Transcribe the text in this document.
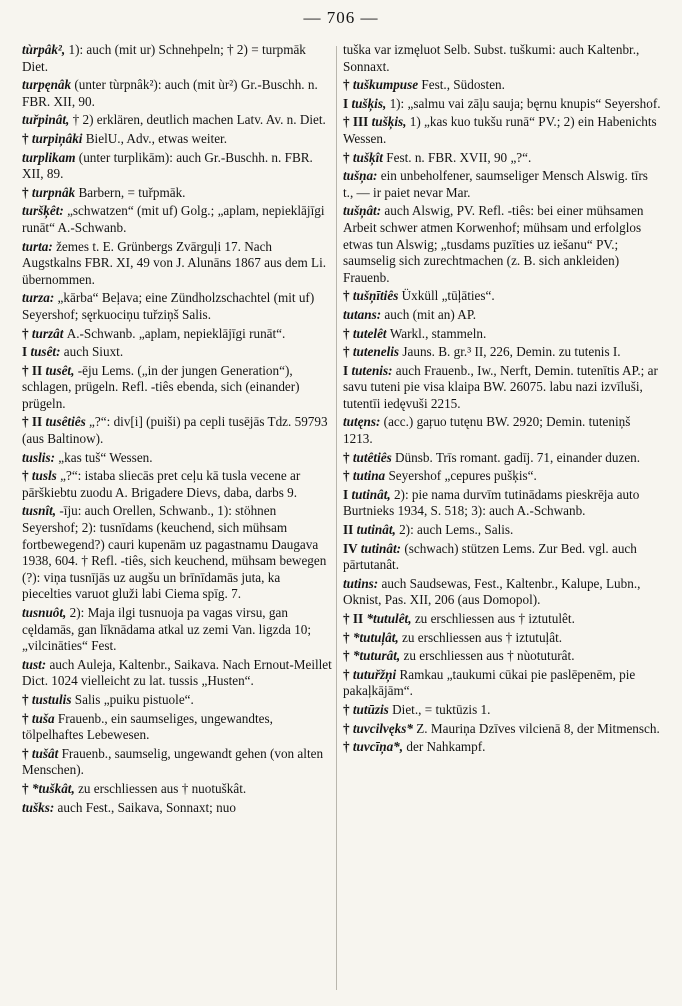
— 706 —

tùrpâk², 1): auch (mit ur) Schnehpeln; † 2) = turpmāk Diet.

turpęnâk (unter tùrpnâk²): auch (mit ùr²) Gr.-Buschh. n. FBR. XII, 90.

tuřpinât, † 2) erklären, deutlich machen Latv. Av. n. Diet.

† turpiņâki BielU., Adv., etwas weiter.

turplikam (unter turplikām): auch Gr.-Buschh. n. FBR. XII, 89.

† turpnâk Barbern, = tuřpmāk.

turšķêt: „schwatzen“ (mit uf) Golg.; „aplam, nepieklājīgi runāt“ A.-Schwanb.

turta: žemes t. E. Grünbergs Zvārguļi 17. Nach Augstkalns FBR. XI, 49 von J. Alunāns 1867 aus dem Li. übernommen.

turza: „kārba“ Beļava; eine Zündholzschachtel (mit uf) Seyershof; sęrkuociņu tuřziņš Salis.

† turzât A.-Schwanb. „aplam, nepieklājīgi runāt“.

I tusêt: auch Siuxt.

† II tusêt, -ēju Lems. („in der jungen Generation“), schlagen, prügeln. Refl. -tiês ebenda, sich (einander) prügeln.

† II tusêtiês „?“: div[i] (puiši) pa cepli tusējās Tdz. 59793 (aus Baltinow).

tuslis: „kas tuš“ Wessen.

† tusls „?“: istaba sliecās pret ceļu kā tusla vecene ar pārškiebtu zuodu A. Brigadere Dievs, daba, darbs 9.

tusnît, -īju: auch Orellen, Schwanb., 1): stöhnen Seyershof; 2): tusnīdams (keuchend, sich mühsam fortbewegend?) cauri kupenām uz pagastnamu Daugava 1938, 604. † Refl. -tiês, sich keuchend, mühsam bewegen (?): viņa tusnījās uz augšu un brīnīdamās juta, ka piecelties varuot gluži labi Ciema spīg. 7.

tusnuôt, 2): Maja ilgi tusnuoja pa vagas virsu, gan cęldamās, gan līknādama atkal uz zemi Van. ligzda 10; „vilcināties“ Fest.

tust: auch Auleja, Kaltenbr., Saikava. Nach Ernout-Meillet Dict. 1024 vielleicht zu lat. tussis „Husten“.

† tustulis Salis „puiku pistuole“.

† tuša Frauenb., ein saumseliges, ungewandtes, tölpelhaftes Lebewesen.

† tušât Frauenb., saumselig, ungewandt gehen (von alten Menschen).

† *tuškât, zu erschliessen aus † nuotuškât.

tušks: auch Fest., Saikava, Sonnaxt; nuo

tuška var izmęluot Selb. Subst. tuškumi: auch Kaltenbr., Sonnaxt.

† tuškumpuse Fest., Südosten.

I tušķis, 1): „salmu vai zāļu sauja; bęrnu knupis“ Seyershof.

† III tušķis, 1) „kas kuo tukšu runā“ PV.; 2) ein Habenichts Wessen.

† tušķît Fest. n. FBR. XVII, 90 „?“.

tušņa: ein unbeholfener, saumseliger Mensch Alswig. tīrs t., — ir paiet nevar Mar.

tušņât: auch Alswig, PV. Refl. -tiês: bei einer mühsamen Arbeit schwer atmen Korwenhof; mühsam und erfolglos etwas tun Alswig; „tusdams puzīties uz iešanu“ PV.; saumselig sich zurechtmachen (z. B. sich ankleiden) Frauenb.

† tušņītiês Üxküll „tūļāties“.

tutans: auch (mit an) AP.

† tutelêt Warkl., stammeln.

† tutenelis Jauns. B. gr.³ II, 226, Demin. zu tutenis I.

I tutenis: auch Frauenb., Iw., Nerft, Demin. tutenītis AP.; ar savu tuteni pie visa klaipa BW. 26075. labu nazi izvīluši, tutentīi iedęvuši 2215.

tutęns: (acc.) gaŗuo tutęnu BW. 2920; Demin. tuteniņš 1213.

† tutêtiês Dünsb. Trīs romant. gadīj. 71, einander duzen.

† tutina Seyershof „cepures pušķis“.

I tutinât, 2): pie nama durvīm tutinādams pieskrēja auto Burtnieks 1934, S. 518; 3): auch A.-Schwanb.

II tutinât, 2): auch Lems., Salis.

IV tutinât: (schwach) stützen Lems. Zur Bed. vgl. auch pārtutanât.

tutins: auch Saudsewas, Fest., Kaltenbr., Kalupe, Lubn., Oknist, Pas. XII, 206 (aus Domopol).

† II *tutulêt, zu erschliessen aus † iztutulêt.

† *tutuļât, zu erschliessen aus † iztutuļât.

† *tuturât, zu erschliessen aus † nùotuturât.

† tutuřžņi Ramkau „taukumi cūkai pie paslēpenēm, pie pakaļkājām“.

† tutūzis Diet., = tuktūzis 1.

† tuvcilvęks* Z. Mauriņa Dzīves vilcienā 8, der Mitmensch.

† tuvcīņa*, der Nahkampf.
